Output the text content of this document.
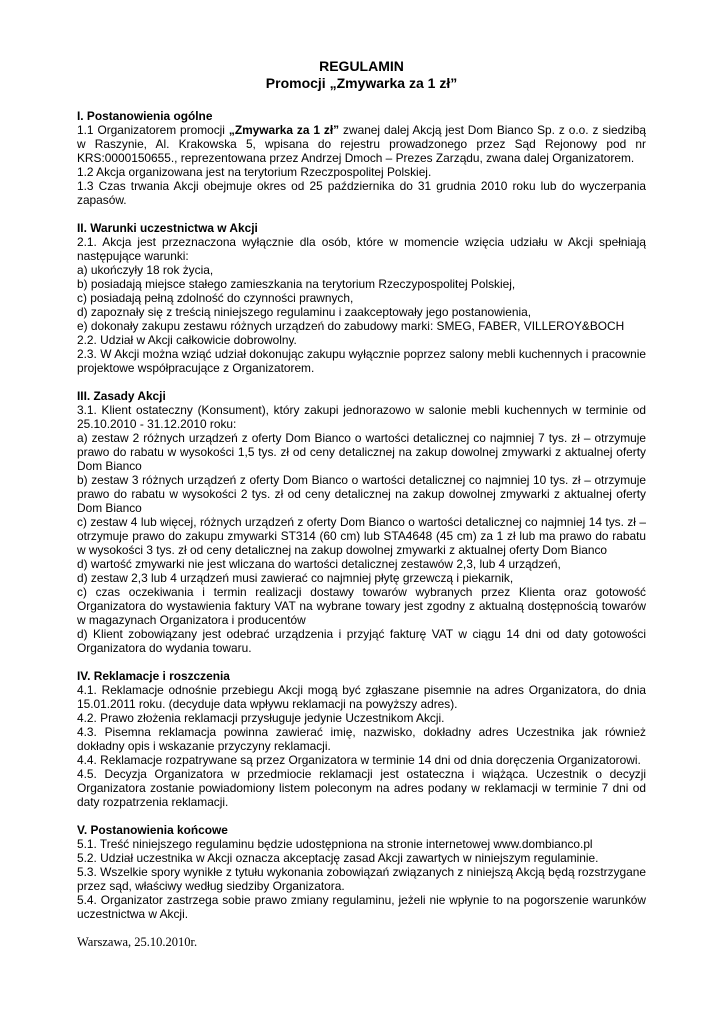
REGULAMIN
Promocji „Zmywarka za 1 zł”
I. Postanowienia ogólne
1.1 Organizatorem promocji „Zmywarka za 1 zł” zwanej dalej Akcją jest Dom Bianco Sp. z o.o. z siedzibą w Raszynie, Al. Krakowska 5, wpisana do rejestru prowadzonego przez Sąd Rejonowy pod nr KRS:0000150655., reprezentowana przez Andrzej Dmoch – Prezes Zarządu, zwana dalej Organizatorem.
1.2 Akcja organizowana jest na terytorium Rzeczpospolitej Polskiej.
1.3 Czas trwania Akcji obejmuje okres od 25 października do 31 grudnia 2010 roku lub do wyczerpania zapasów.
II. Warunki uczestnictwa w Akcji
2.1. Akcja jest przeznaczona wyłącznie dla osób, które w momencie wzięcia udziału w Akcji spełniają następujące warunki:
a) ukończyły 18 rok życia,
b) posiadają miejsce stałego zamieszkania na terytorium Rzeczypospolitej Polskiej,
c) posiadają pełną zdolność do czynności prawnych,
d) zapoznały się z treścią niniejszego regulaminu i zaakceptowały jego postanowienia,
e) dokonały zakupu zestawu różnych urządzeń do zabudowy marki: SMEG, FABER, VILLEROY&BOCH
2.2. Udział w Akcji całkowicie dobrowolny.
2.3. W Akcji można wziąć udział dokonując zakupu wyłącznie poprzez salony mebli kuchennych i pracownie projektowe współpracujące z Organizatorem.
III. Zasady Akcji
3.1. Klient ostateczny (Konsument), który zakupi jednorazowo w salonie mebli kuchennych w terminie od 25.10.2010 - 31.12.2010 roku:
a) zestaw 2 różnych urządzeń z oferty Dom Bianco o wartości detalicznej co najmniej 7 tys. zł – otrzymuje prawo do rabatu w wysokości 1,5 tys. zł od ceny detalicznej na zakup dowolnej zmywarki z aktualnej oferty Dom Bianco
b) zestaw 3 różnych urządzeń z oferty Dom Bianco o wartości detalicznej co najmniej 10 tys. zł – otrzymuje prawo do rabatu w wysokości 2 tys. zł od ceny detalicznej na zakup dowolnej zmywarki z aktualnej oferty Dom Bianco
c) zestaw 4 lub więcej, różnych urządzeń z oferty Dom Bianco o wartości detalicznej co najmniej 14 tys. zł – otrzymuje prawo do zakupu zmywarki ST314 (60 cm) lub STA4648 (45 cm) za 1 zł lub ma prawo do rabatu w wysokości 3 tys. zł od ceny detalicznej na zakup dowolnej zmywarki z aktualnej oferty Dom Bianco
d) wartość zmywarki nie jest wliczana do wartości detalicznej zestawów 2,3, lub 4 urządzeń,
d) zestaw 2,3 lub 4 urządzeń musi zawierać co najmniej płytę grzewczą i piekarnik,
c) czas oczekiwania i termin realizacji dostawy towarów wybranych przez Klienta oraz gotowość Organizatora do wystawienia faktury VAT na wybrane towary jest zgodny z aktualną dostępnością towarów w magazynach Organizatora i producentów
d) Klient zobowiązany jest odebrać urządzenia i przyjąć fakturę VAT w ciągu 14 dni od daty gotowości Organizatora do wydania towaru.
IV. Reklamacje i roszczenia
4.1. Reklamacje odnośnie przebiegu Akcji mogą być zgłaszane pisemnie na adres Organizatora, do dnia 15.01.2011 roku. (decyduje data wpływu reklamacji na powyższy adres).
4.2. Prawo złożenia reklamacji przysługuje jedynie Uczestnikom Akcji.
4.3. Pisemna reklamacja powinna zawierać imię, nazwisko, dokładny adres Uczestnika jak również dokładny opis i wskazanie przyczyny reklamacji.
4.4. Reklamacje rozpatrywane są przez Organizatora w terminie 14 dni od dnia doręczenia Organizatorowi.
4.5. Decyzja Organizatora w przedmiocie reklamacji jest ostateczna i wiążąca. Uczestnik o decyzji Organizatora zostanie powiadomiony listem poleconym na adres podany w reklamacji w terminie 7 dni od daty rozpatrzenia reklamacji.
V. Postanowienia końcowe
5.1. Treść niniejszego regulaminu będzie udostępniona na stronie internetowej www.dombianco.pl
5.2. Udział uczestnika w Akcji oznacza akceptację zasad Akcji zawartych w niniejszym regulaminie.
5.3. Wszelkie spory wynikłe z tytułu wykonania zobowiązań związanych z niniejszą Akcją będą rozstrzygane przez sąd, właściwy według siedziby Organizatora.
5.4. Organizator zastrzega sobie prawo zmiany regulaminu, jeżeli nie wpłynie to na pogorszenie warunków uczestnictwa w Akcji.
Warszawa, 25.10.2010r.
